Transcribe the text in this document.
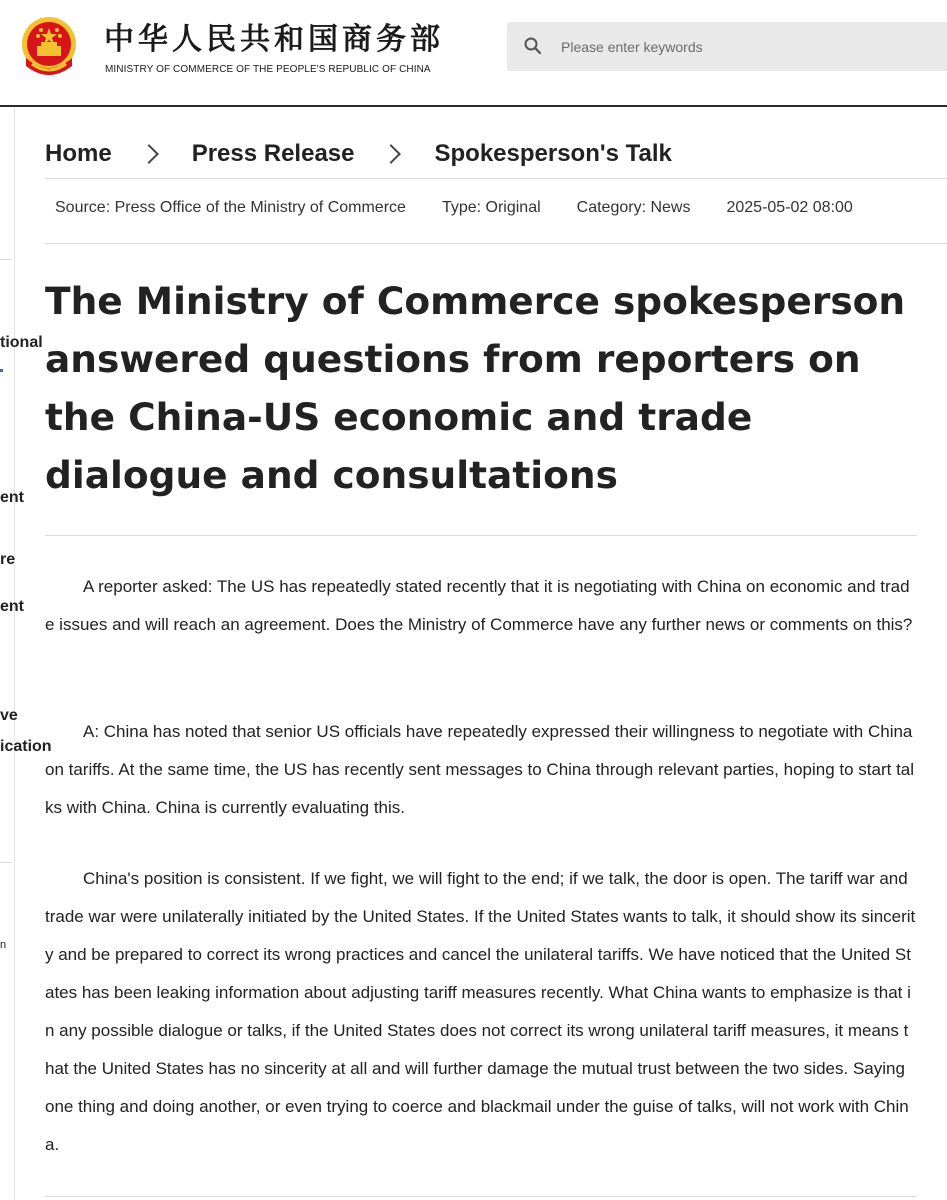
中华人民共和国商务部
MINISTRY OF COMMERCE OF THE PEOPLE'S REPUBLIC OF CHINA
Please enter keywords
tional
ent
re
ent
ve
ication
n
Home	Press Release	Spokesperson's Talk
Source: Press Office of the Ministry of Commerce Type: Original Category: News 2025-05-02 08:00
The Ministry of Commerce spokesperson answered questions from reporters on the China-US economic and trade dialogue and consultations

A reporter asked: The US has repeatedly stated recently that it is negotiating with China on economic and trade issues and will reach an agreement. Does the Ministry of Commerce have any further news or comments on this?

A: China has noted that senior US officials have repeatedly expressed their willingness to negotiate with China on tariffs. At the same time, the US has recently sent messages to China through relevant parties, hoping to start talks with China. China is currently evaluating this.

China's position is consistent. If we fight, we will fight to the end; if we talk, the door is open. The tariff war and trade war were unilaterally initiated by the United States. If the United States wants to talk, it should show its sincerity and be prepared to correct its wrong practices and cancel the unilateral tariffs. We have noticed that the United States has been leaking information about adjusting tariff measures recently. What China wants to emphasize is that in any possible dialogue or talks, if the United States does not correct its wrong unilateral tariff measures, it means that the United States has no sincerity at all and will further damage the mutual trust between the two sides. Saying one thing and doing another, or even trying to coerce and blackmail under the guise of talks, will not work with China.
